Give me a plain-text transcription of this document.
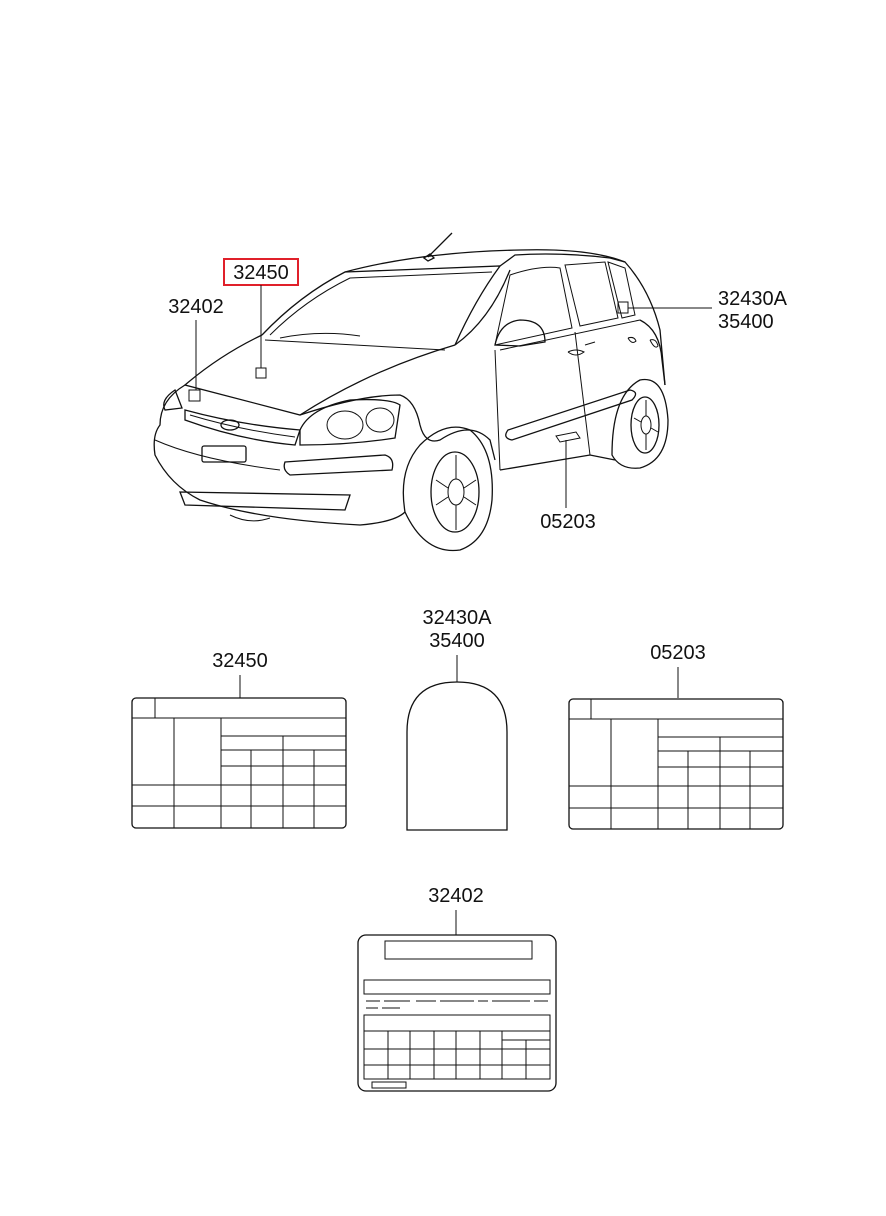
32450
32402	32430A
35400
05203
32450
32430A
35400
05203
32402
